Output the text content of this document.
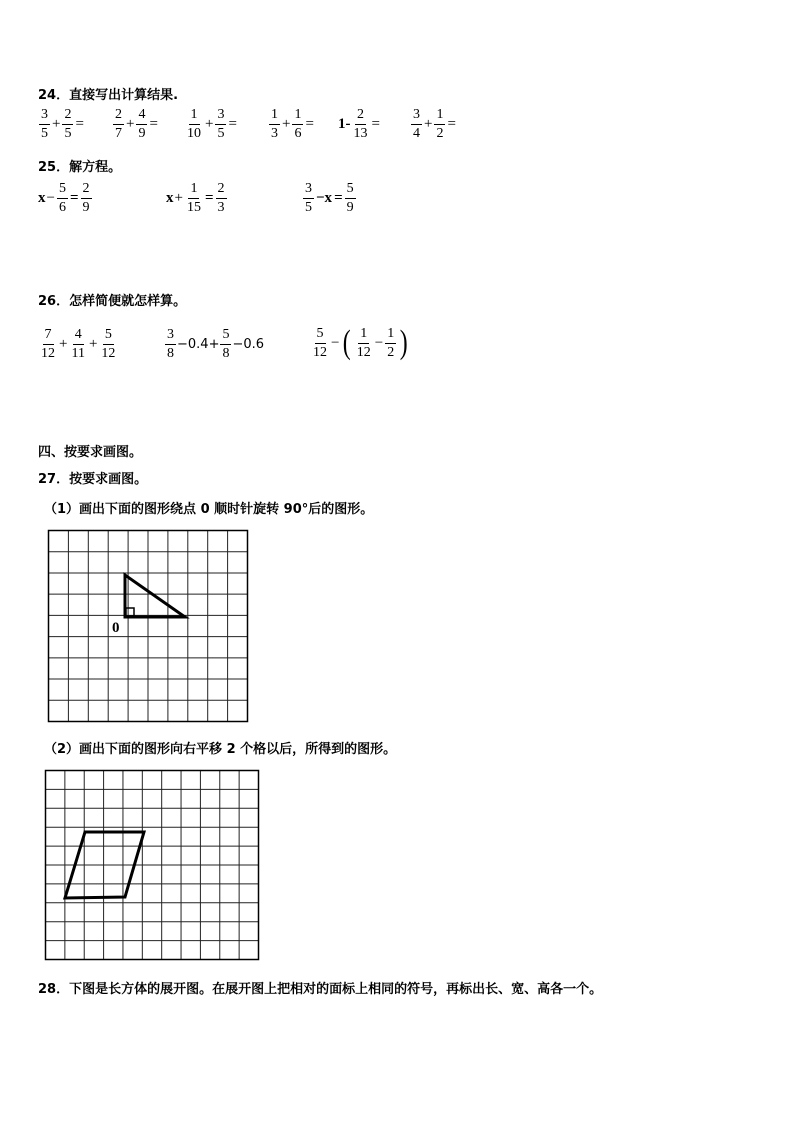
24．直接写出计算结果.
$\frac{3}{5} + \frac{2}{5} = \frac{2}{7} + \frac{4}{9} = \frac{1}{10} + \frac{3}{5} = \frac{1}{3} + \frac{1}{6} = 1- \frac{2}{13} = \frac{3}{4} + \frac{1}{2}$ =
25．解方程。
$x - \frac{5}{6} = \frac{2}{9}$	$x + \frac{1}{15} = \frac{2}{3}$	$\frac{3}{5} -x = \frac{5}{9}$
26．怎样简便就怎样算。
$\frac{7}{12} + \frac{4}{11} + \frac{5}{12}$	$\frac{3}{8} -0.4+ \frac{5}{8} -0.6$	$\frac{5}{12}$ − ( $\frac{1}{12} - \frac{1}{2}$ )
四、按要求画图。
27．按要求画图。
（1）画出下面的图形绕点 0 顺时针旋转 90°后的图形。
0
（2）画出下面的图形向右平移 2 个格以后，所得到的图形。
28．下图是长方体的展开图。在展开图上把相对的面标上相同的符号，再标出长、宽、高各一个。
